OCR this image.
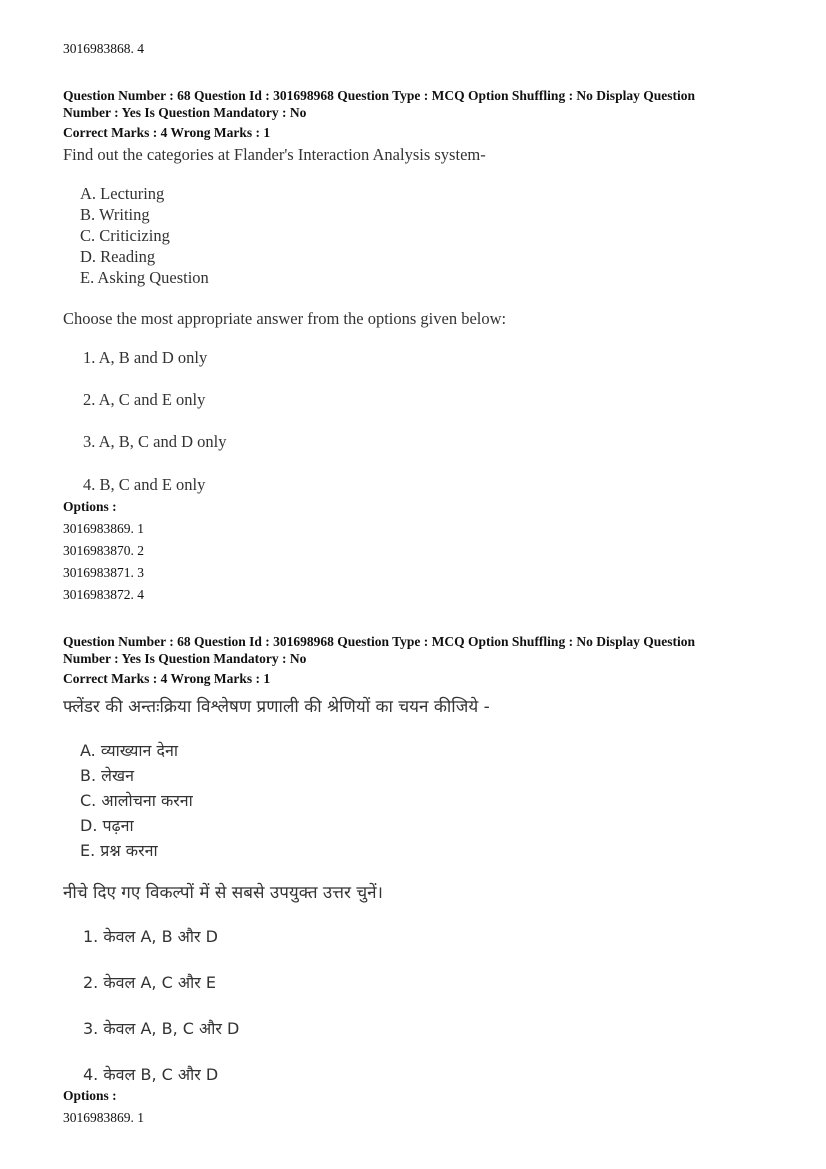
3016983868. 4
Question Number : 68 Question Id : 301698968 Question Type : MCQ Option Shuffling : No Display Question
Number : Yes Is Question Mandatory : No
Correct Marks : 4 Wrong Marks : 1
Find out the categories at Flander's Interaction Analysis system-
A. Lecturing
B. Writing
C. Criticizing
D. Reading
E. Asking Question
Choose the most appropriate answer from the options given below:
1. A, B and D only
2. A, C and E only
3. A, B, C and D only
4. B, C and E only
Options :
3016983869. 1
3016983870. 2
3016983871. 3
3016983872. 4
Question Number : 68 Question Id : 301698968 Question Type : MCQ Option Shuffling : No Display Question
Number : Yes Is Question Mandatory : No
Correct Marks : 4 Wrong Marks : 1
फ्लेंडर की अन्तःक्रिया विश्लेषण प्रणाली की श्रेणियों का चयन कीजिये -
A. व्याख्यान देना
B. लेखन
C. आलोचना करना
D. पढ़ना
E. प्रश्न करना
नीचे दिए गए विकल्पों में से सबसे उपयुक्त उत्तर चुनें।
1. केवल A, B और D
2. केवल A, C और E
3. केवल A, B, C और D
4. केवल B, C और D
Options :
3016983869. 1
